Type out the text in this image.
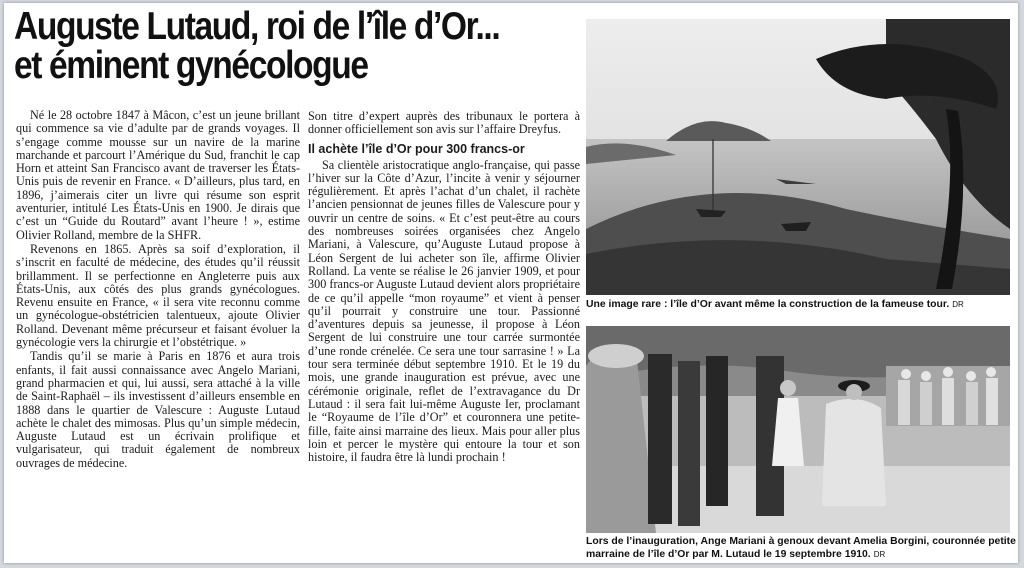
Auguste Lutaud, roi de l’île d’Or...
et éminent gynécologue

Né le 28 octobre 1847 à Mâcon, c’est un jeune brillant qui commence sa vie d’adulte par de grands voyages. Il s’engage comme mousse sur un navire de la marine marchande et parcourt l’Amérique du Sud, franchit le cap Horn et atteint San Francisco avant de traverser les États-Unis puis de revenir en France. « D’ailleurs, plus tard, en 1896, j’aimerais citer un livre qui résume son esprit aventurier, intitulé Les États-Unis en 1900. Je dirais que c’est un “Guide du Routard” avant l’heure ! », estime Olivier Rolland, membre de la SHFR.

Revenons en 1865. Après sa soif d’exploration, il s’inscrit en faculté de médecine, des études qu’il réussit brillamment. Il se perfectionne en Angleterre puis aux États-Unis, aux côtés des plus grands gynécologues. Revenu ensuite en France, « il sera vite reconnu comme un gynécologue-obstétricien talentueux, ajoute Olivier Rolland. Devenant même précurseur et faisant évoluer la gynécologie vers la chirurgie et l’obstétrique. »

Tandis qu’il se marie à Paris en 1876 et aura trois enfants, il fait aussi connaissance avec Angelo Mariani, grand pharmacien et qui, lui aussi, sera attaché à la ville de Saint-Raphaël – ils investissent d’ailleurs ensemble en 1888 dans le quartier de Valescure : Auguste Lutaud achète le chalet des mimosas. Plus qu’un simple médecin, Auguste Lutaud est un écrivain prolifique et vulgarisateur, qui traduit également de nombreux ouvrages de médecine.

Son titre d’expert auprès des tribunaux le portera à donner officiellement son avis sur l’affaire Dreyfus.

Il achète l’île d’Or pour 300 francs-or

Sa clientèle aristocratique anglo-française, qui passe l’hiver sur la Côte d’Azur, l’incite à venir y séjourner régulièrement. Et après l’achat d’un chalet, il rachète l’ancien pensionnat de jeunes filles de Valescure pour y ouvrir un centre de soins. « Et c’est peut-être au cours des nombreuses soirées organisées chez Angelo Mariani, à Valescure, qu’Auguste Lutaud propose à Léon Sergent de lui acheter son île, affirme Olivier Rolland. La vente se réalise le 26 janvier 1909, et pour 300 francs-or Auguste Lutaud devient alors propriétaire de ce qu’il appelle “mon royaume” et vient à penser qu’il pourrait y construire une tour. Passionné d’aventures depuis sa jeunesse, il propose à Léon Sergent de lui construire une tour carrée surmontée d’une ronde crénelée. Ce sera une tour sarrasine ! » La tour sera terminée début septembre 1910. Et le 19 du mois, une grande inauguration est prévue, avec une cérémonie originale, reflet de l’extravagance du Dr Lutaud : il sera fait lui-même Auguste Ier, proclamant le “Royaume de l’île d’Or” et couronnera une petite-fille, faite ainsi marraine des lieux. Mais pour aller plus loin et percer le mystère qui entoure la tour et son histoire, il faudra être là lundi prochain !

Une image rare : l’île d’Or avant même la construction de la fameuse tour. DR
Lors de l’inauguration, Ange Mariani à genoux devant Amelia Borgini, couronnée petite marraine de l’île d’Or par M. Lutaud le 19 septembre 1910. DR
